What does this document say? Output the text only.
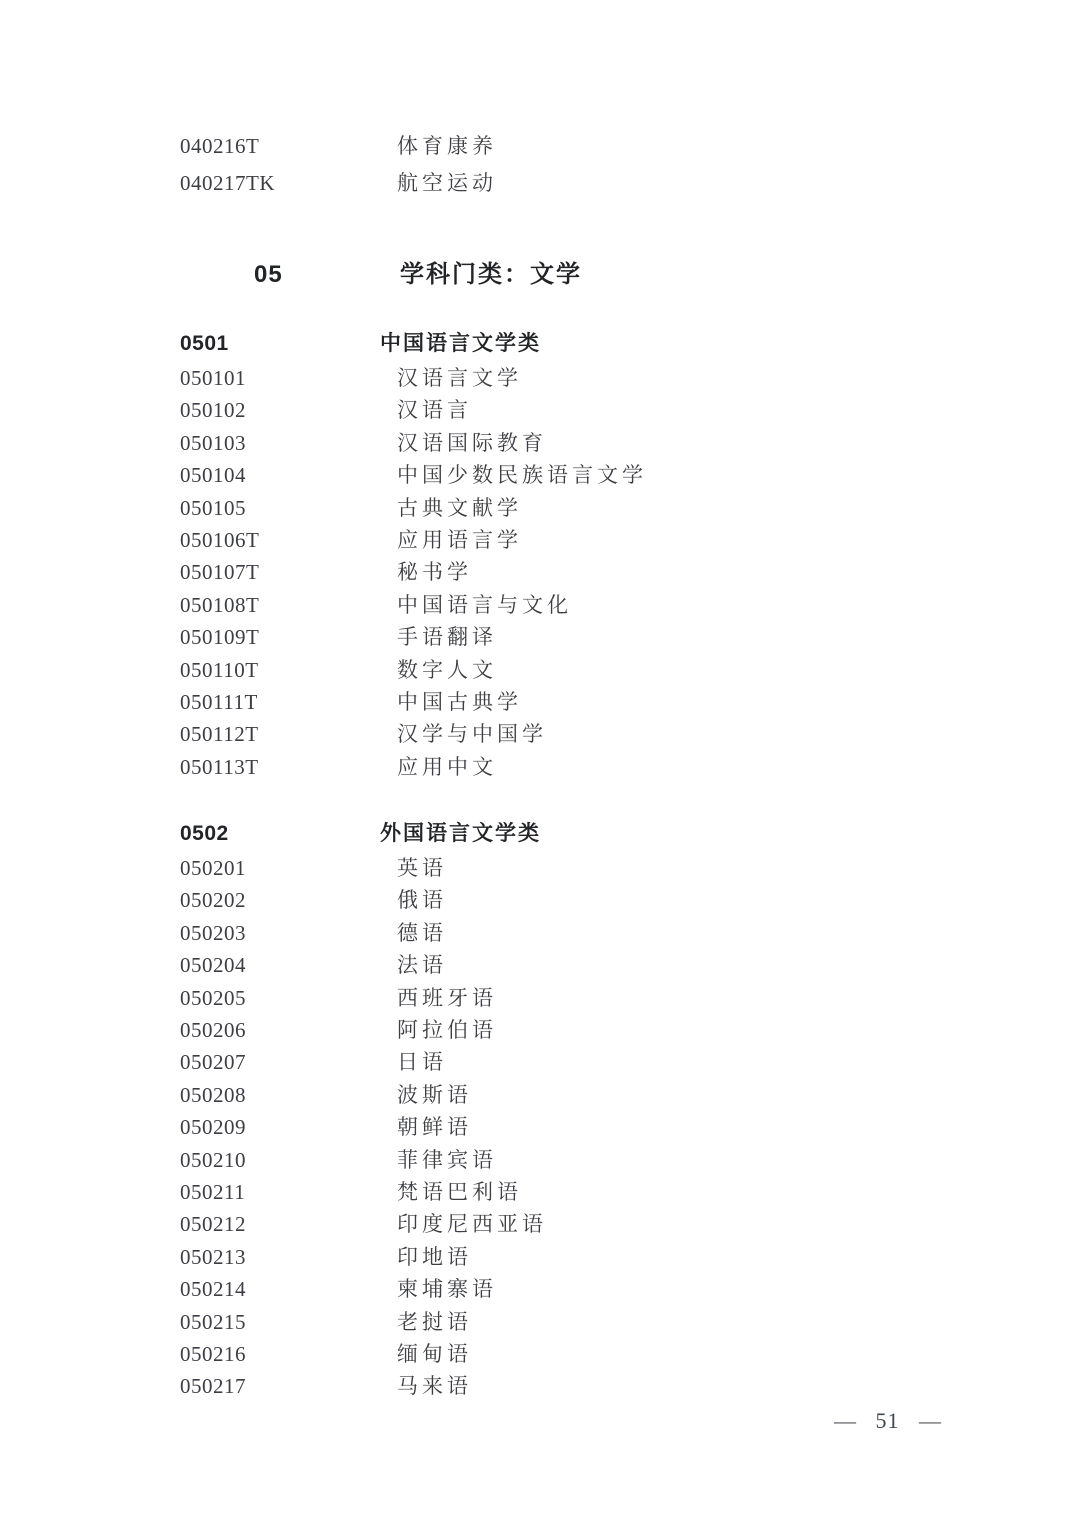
040216T	体育康养
040217TK	航空运动
05	学科门类：文学
0501	中国语言文学类
050101	汉语言文学
050102	汉语言
050103	汉语国际教育
050104	中国少数民族语言文学
050105	古典文献学
050106T	应用语言学
050107T	秘书学
050108T	中国语言与文化
050109T	手语翻译
050110T	数字人文
050111T	中国古典学
050112T	汉学与中国学
050113T	应用中文
0502	外国语言文学类
050201	英语
050202	俄语
050203	德语
050204	法语
050205	西班牙语
050206	阿拉伯语
050207	日语
050208	波斯语
050209	朝鲜语
050210	菲律宾语
050211	梵语巴利语
050212	印度尼西亚语
050213	印地语
050214	柬埔寨语
050215	老挝语
050216	缅甸语
050217	马来语
— 51 —
